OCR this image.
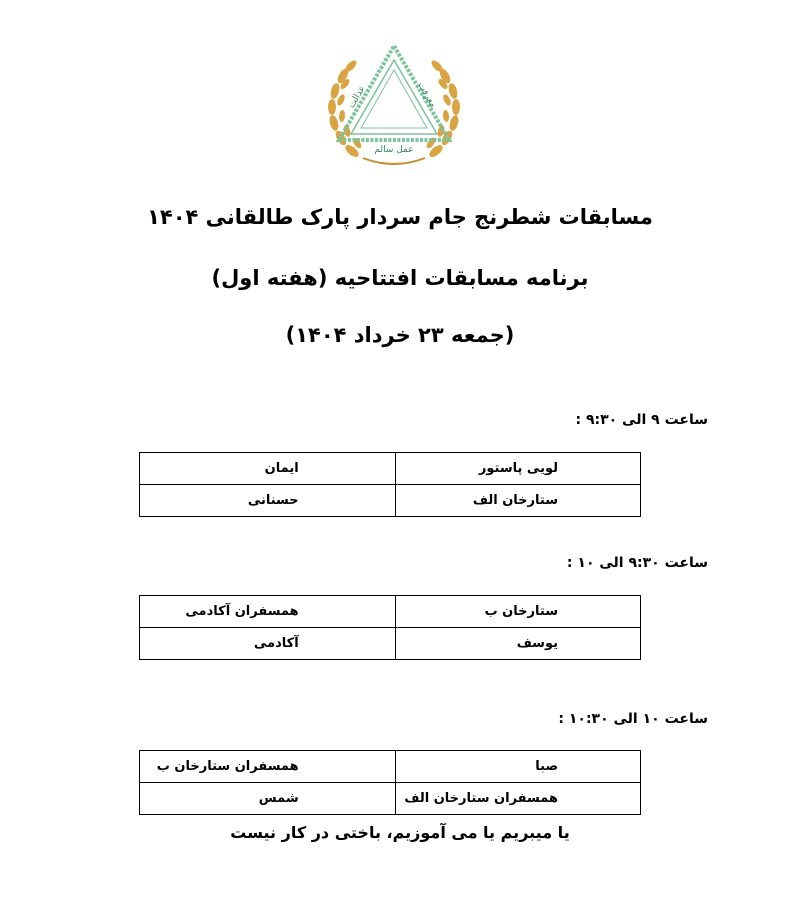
عدالت	معرفت
عمل سالم
مسابقات شطرنج جام سردار پارک طالقانی ۱۴۰۴
برنامه مسابقات افتتاحیه (هفته اول)
(جمعه ۲۳ خرداد ۱۴۰۴)
ساعت ۹ الی ۹:۳۰ :
لویی پاستور	ایمان
ستارخان الف	حسنانی
ساعت ۹:۳۰ الی ۱۰ :
ستارخان ب	همسفران آکادمی
یوسف	آکادمی
ساعت ۱۰ الی ۱۰:۳۰ :
صبا	همسفران ستارخان ب
همسفران ستارخان الف	شمس
یا میبریم یا می آموزیم، باختی در کار نیست
